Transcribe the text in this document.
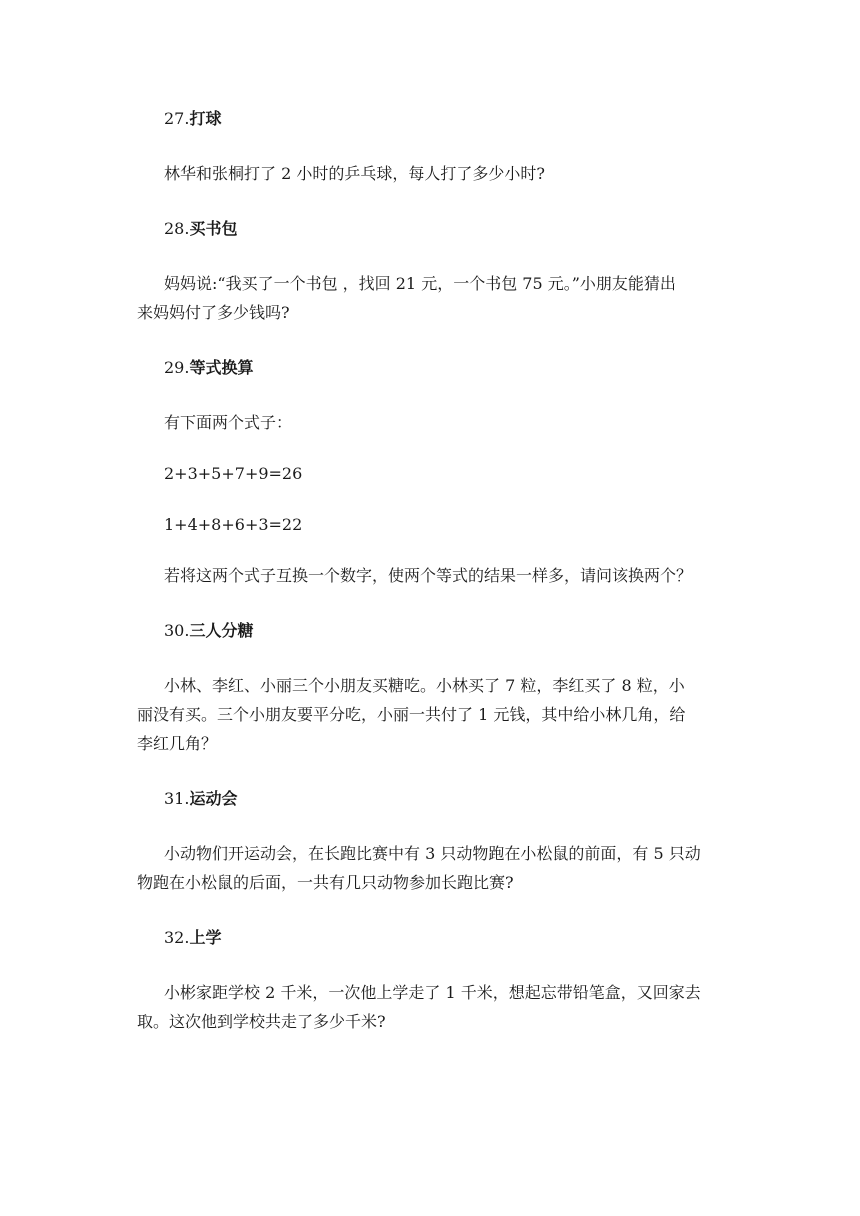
27.打球

林华和张桐打了 2 小时的乒乓球，每人打了多少小时?

28.买书包

妈妈说:“我买了一个书包 ，找回 21 元，一个书包 75 元。”小朋友能猜出
来妈妈付了多少钱吗?

29.等式换算

有下面两个式子：
2+3+5+7+9=26
1+4+8+6+3=22
若将这两个式子互换一个数字，使两个等式的结果一样多，请问该换两个？

30.三人分糖

小林、李红、小丽三个小朋友买糖吃。小林买了 7 粒，李红买了 8 粒，小
丽没有买。三个小朋友要平分吃，小丽一共付了 1 元钱，其中给小林几角，给
李红几角？

31.运动会

小动物们开运动会，在长跑比赛中有 3 只动物跑在小松鼠的前面，有 5 只动
物跑在小松鼠的后面，一共有几只动物参加长跑比赛?

32.上学

小彬家距学校 2 千米，一次他上学走了 1 千米，想起忘带铅笔盒，又回家去
取。这次他到学校共走了多少千米?
